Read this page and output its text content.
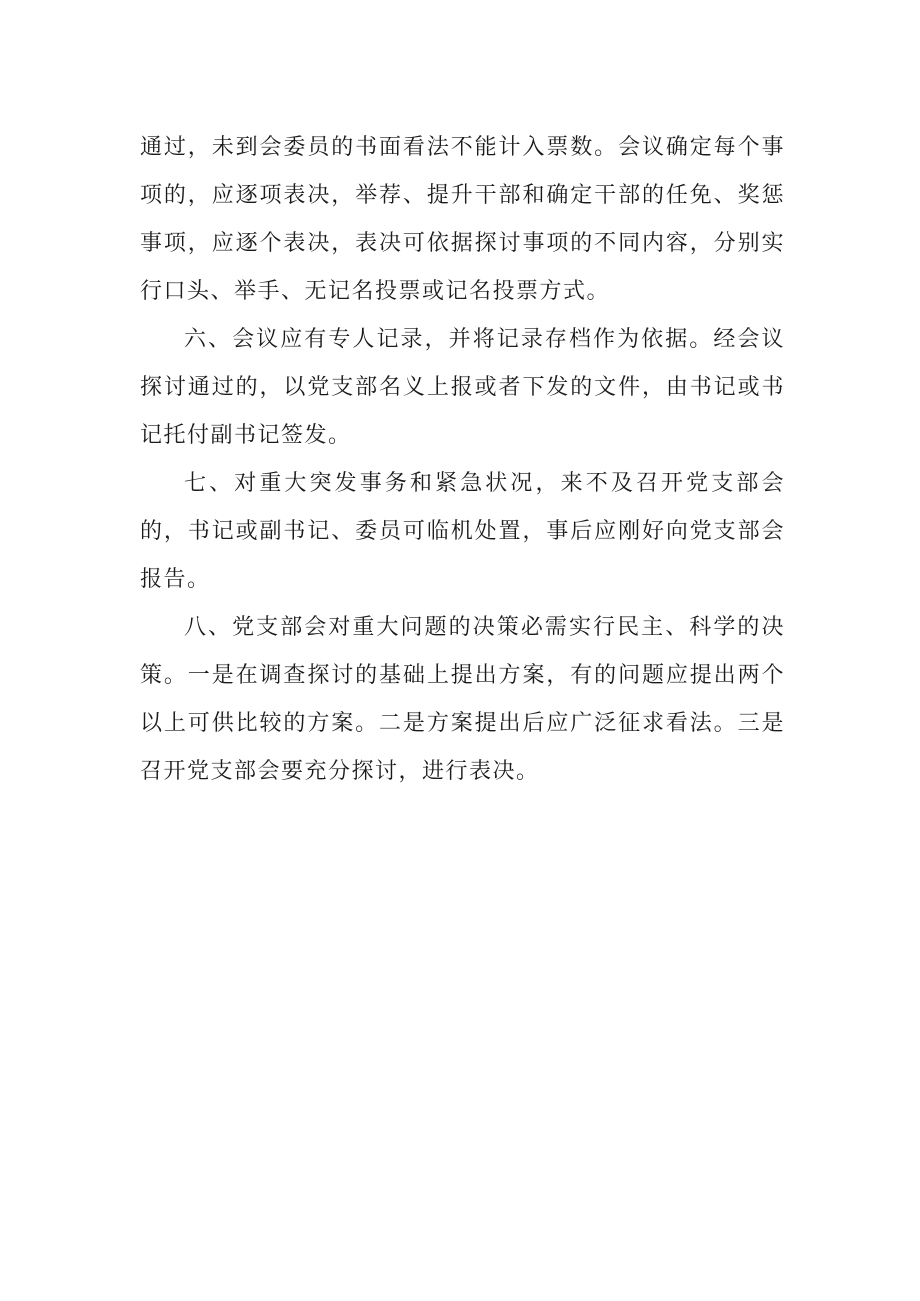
通过，未到会委员的书面看法不能计入票数。会议确定每个事项的，应逐项表决，举荐、提升干部和确定干部的任免、奖惩事项，应逐个表决，表决可依据探讨事项的不同内容，分别实行口头、举手、无记名投票或记名投票方式。

六、会议应有专人记录，并将记录存档作为依据。经会议探讨通过的，以党支部名义上报或者下发的文件，由书记或书记托付副书记签发。

七、对重大突发事务和紧急状况，来不及召开党支部会的，书记或副书记、委员可临机处置，事后应刚好向党支部会报告。

八、党支部会对重大问题的决策必需实行民主、科学的决策。一是在调查探讨的基础上提出方案，有的问题应提出两个以上可供比较的方案。二是方案提出后应广泛征求看法。三是召开党支部会要充分探讨，进行表决。
